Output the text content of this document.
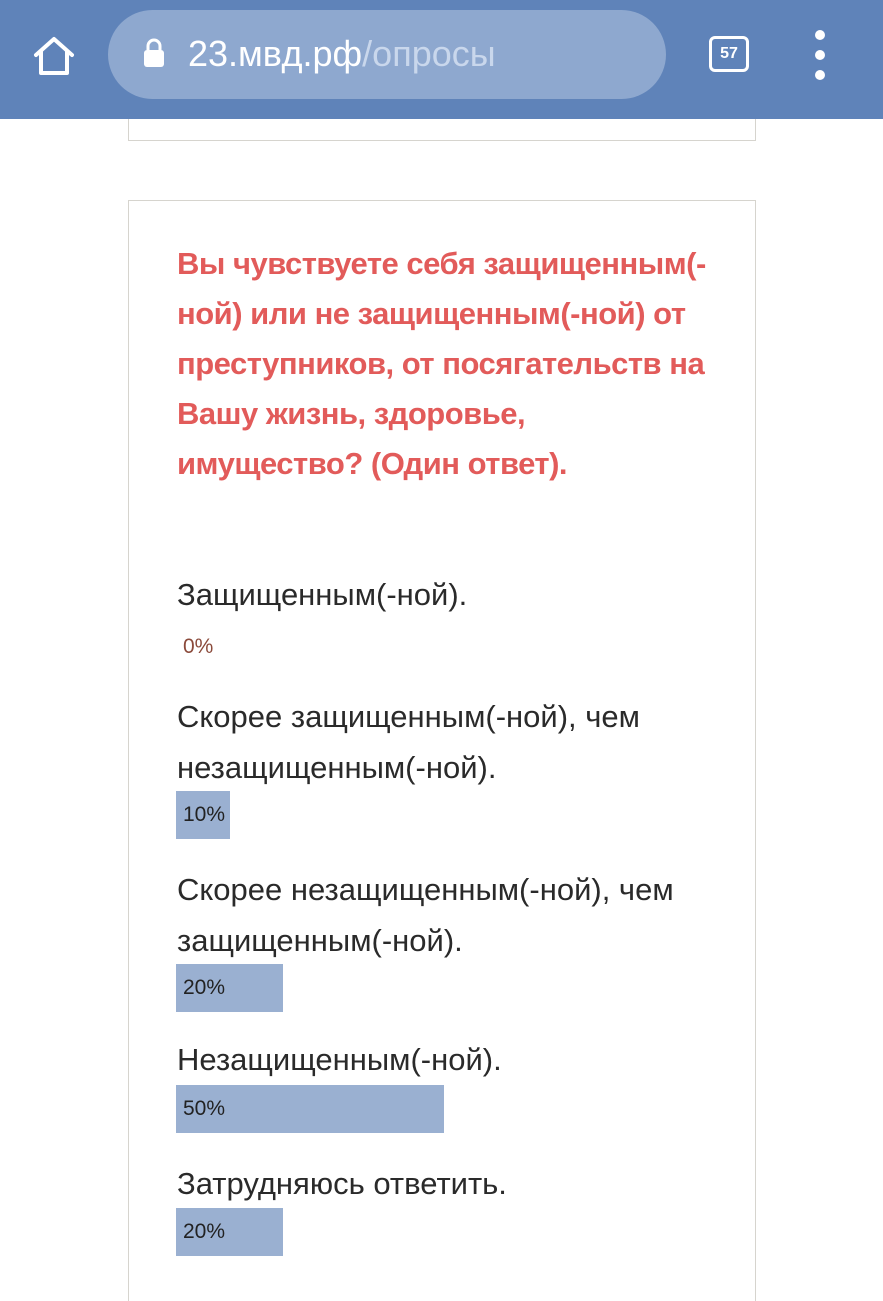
23.мвд.рф/опросы	57
Вы чувствуете себя защищенным(-ной) или не защищенным(-ной) от преступников, от посягательств на Вашу жизнь, здоровье, имущество? (Один ответ).
Защищенным(-ной).
0%
Скорее защищенным(-ной), чем незащищенным(-ной).
10%
Скорее незащищенным(-ной), чем защищенным(-ной).
20%
Незащищенным(-ной).
50%
Затрудняюсь ответить.
20%
